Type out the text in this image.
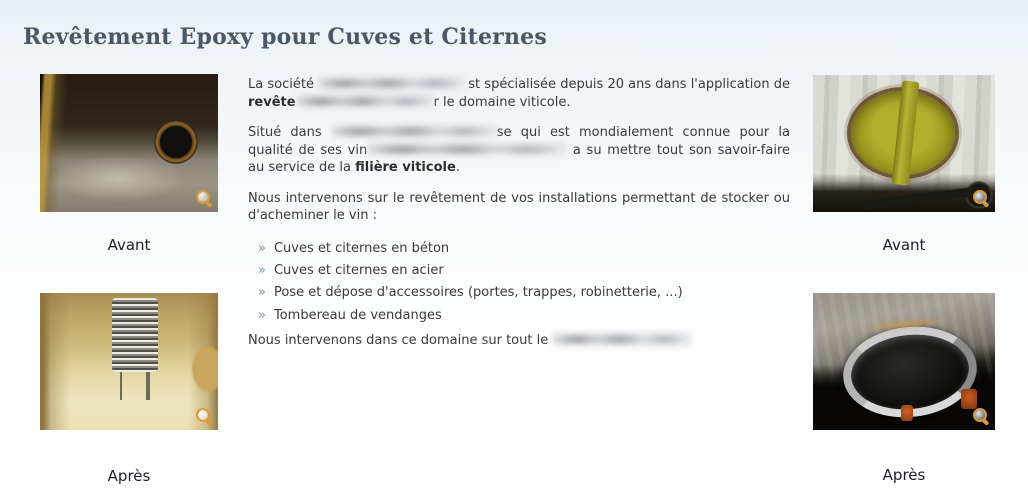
Revêtement Epoxy pour Cuves et Citernes
Avant
Après

La société	st spécialisée depuis 20 ans dans l'application de revête	r le domaine viticole.

Situé dans	se qui est mondialement connue pour la qualité de ses vin	a su mettre tout son savoir-faire au service de la filière viticole.

Nous intervenons sur le revêtement de vos installations permettant de stocker ou d'acheminer le vin :

» Cuves et citernes en béton
» Cuves et citernes en acier
» Pose et dépose d'accessoires (portes, trappes, robinetterie, ...)
» Tombereau de vendanges

Nous intervenons dans ce domaine sur tout le

Avant
Après
